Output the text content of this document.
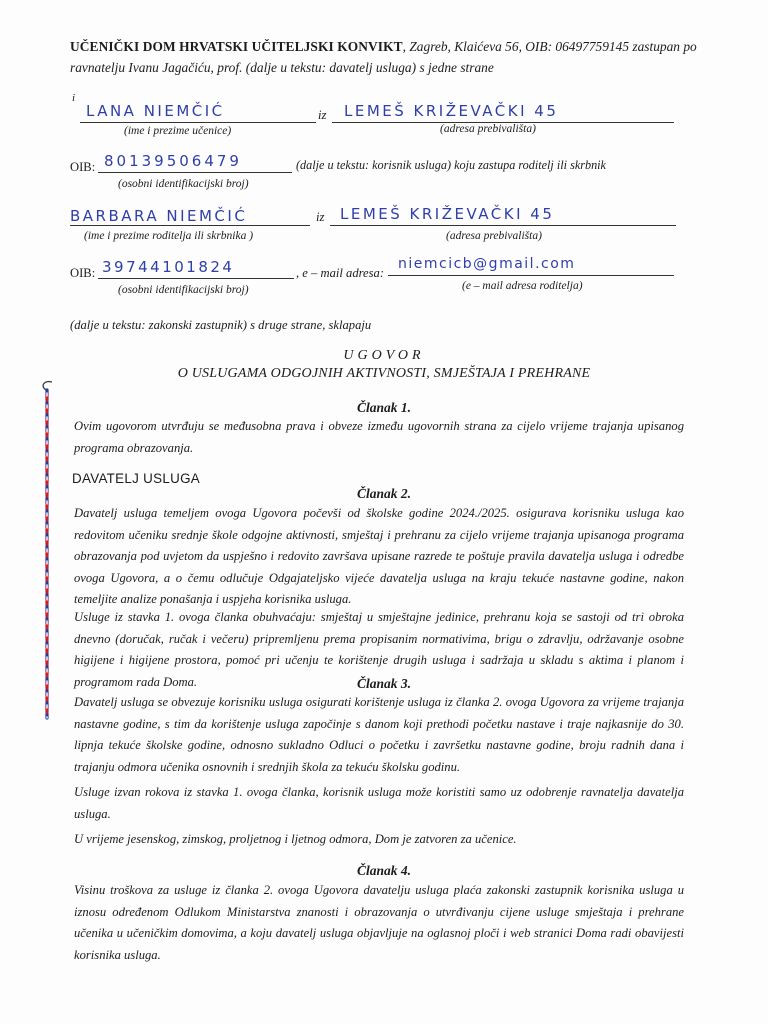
UČENIČKI DOM HRVATSKI UČITELJSKI KONVIKT, Zagreb, Klaićeva 56, OIB: 06497759145 zastupan po
ravnatelju Ivanu Jagačiću, prof. (dalje u tekstu: davatelj usluga) s jedne strane
i
LANA NIEMČIĆ	iz LEMEŠ KRIŽEVAČKI 45
(ime i prezime učenice)	(adresa prebivališta)
OIB: 80139506479	(dalje u tekstu: korisnik usluga) koju zastupa roditelj ili skrbnik
(osobni identifikacijski broj)
BARBARA NIEMČIĆ	iz LEMEŠ KRIŽEVAČKI 45
(ime i prezime roditelja ili skrbnika )	(adresa prebivališta)
OIB: 39744101824	, e – mail adresa:
niemcicb@gmail.com
(osobni identifikacijski broj)	(e – mail adresa roditelja)
(dalje u tekstu: zakonski zastupnik) s druge strane, sklapaju
UGOVOR
O USLUGAMA ODGOJNIH AKTIVNOSTI, SMJEŠTAJA I PREHRANE
Članak 1.
Ovim ugovorom utvrđuju se međusobna prava i obveze između ugovornih strana za cijelo vrijeme trajanja upisanog programa obrazovanja.
DAVATELJ USLUGA
Članak 2.
Davatelj usluga temeljem ovoga Ugovora počevši od školske godine 2024./2025. osigurava korisniku usluga kao redovitom učeniku srednje škole odgojne aktivnosti, smještaj i prehranu za cijelo vrijeme trajanja upisanoga programa obrazovanja pod uvjetom da uspješno i redovito završava upisane razrede te poštuje pravila davatelja usluga i odredbe ovoga Ugovora, a o čemu odlučuje Odgajateljsko vijeće davatelja usluga na kraju tekuće nastavne godine, nakon temeljite analize ponašanja i uspjeha korisnika usluga.
Usluge iz stavka 1. ovoga članka obuhvaćaju: smještaj u smještajne jedinice, prehranu koja se sastoji od tri obroka dnevno (doručak, ručak i večeru) pripremljenu prema propisanim normativima, brigu o zdravlju, održavanje osobne higijene i higijene prostora, pomoć pri učenju te korištenje drugih usluga i sadržaja u skladu s aktima i planom i programom rada Doma.	Članak 3.
Davatelj usluga se obvezuje korisniku usluga osigurati korištenje usluga iz članka 2. ovoga Ugovora za vrijeme trajanja nastavne godine, s tim da korištenje usluga započinje s danom koji prethodi početku nastave i traje najkasnije do 30. lipnja tekuće školske godine, odnosno sukladno Odluci o početku i završetku nastavne godine, broju radnih dana i trajanju odmora učenika osnovnih i srednjih škola za tekuću školsku godinu.
Usluge izvan rokova iz stavka 1. ovoga članka, korisnik usluga može koristiti samo uz odobrenje ravnatelja davatelja usluga.
U vrijeme jesenskog, zimskog, proljetnog i ljetnog odmora, Dom je zatvoren za učenice.
Članak 4.
Visinu troškova za usluge iz članka 2. ovoga Ugovora davatelju usluga plaća zakonski zastupnik korisnika usluga u iznosu određenom Odlukom Ministarstva znanosti i obrazovanja o utvrđivanju cijene usluge smještaja i prehrane učenika u učeničkim domovima, a koju davatelj usluga objavljuje na oglasnoj ploči i web stranici Doma radi obavijesti korisnika usluga.
